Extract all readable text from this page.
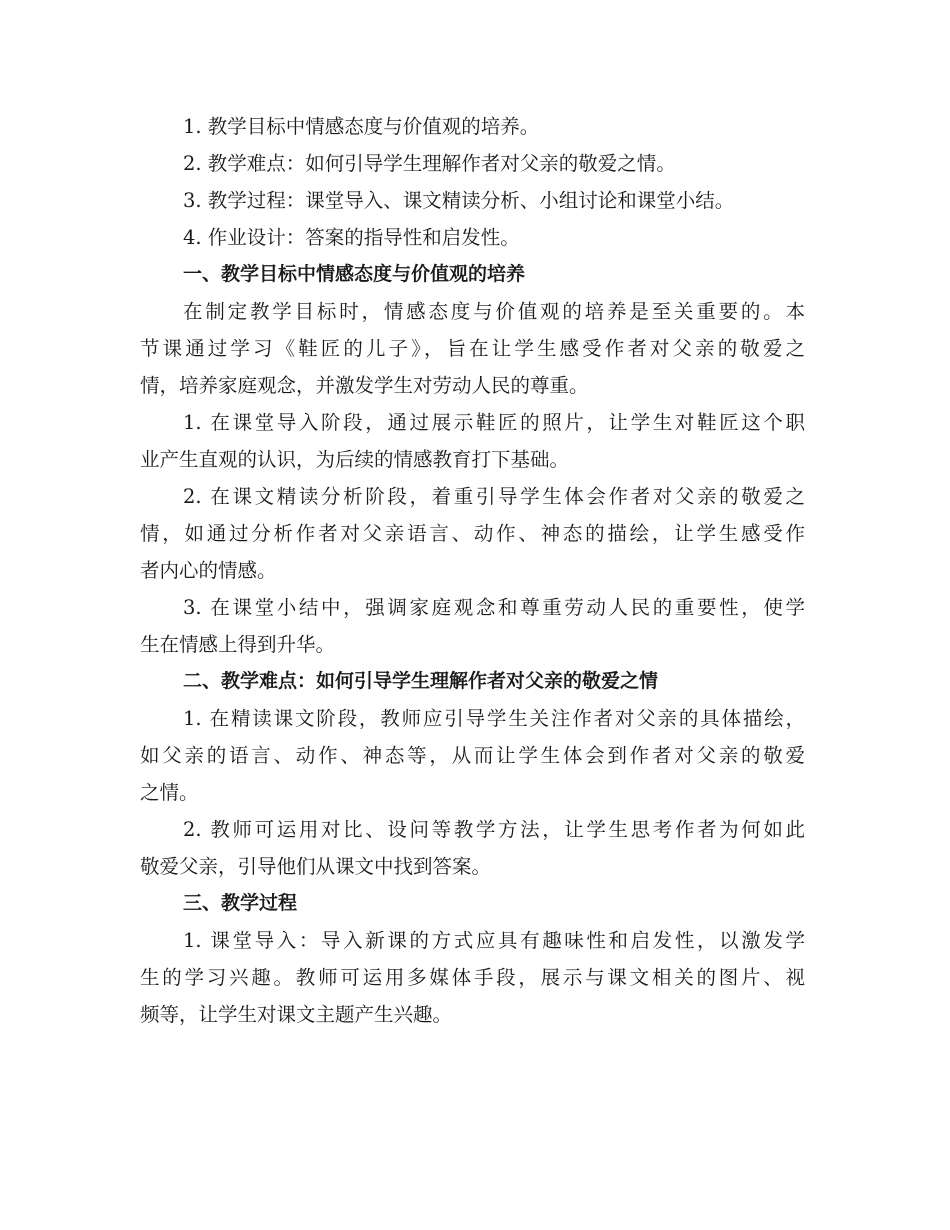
1. 教学目标中情感态度与价值观的培养。

2. 教学难点：如何引导学生理解作者对父亲的敬爱之情。

3. 教学过程：课堂导入、课文精读分析、小组讨论和课堂小结。

4. 作业设计：答案的指导性和启发性。

一、教学目标中情感态度与价值观的培养

在制定教学目标时，情感态度与价值观的培养是至关重要的。本

节课通过学习《鞋匠的儿子》，旨在让学生感受作者对父亲的敬爱之

情，培养家庭观念，并激发学生对劳动人民的尊重。

1. 在课堂导入阶段，通过展示鞋匠的照片，让学生对鞋匠这个职

业产生直观的认识，为后续的情感教育打下基础。

2. 在课文精读分析阶段，着重引导学生体会作者对父亲的敬爱之

情，如通过分析作者对父亲语言、动作、神态的描绘，让学生感受作

者内心的情感。

3. 在课堂小结中，强调家庭观念和尊重劳动人民的重要性，使学

生在情感上得到升华。

二、教学难点：如何引导学生理解作者对父亲的敬爱之情

1. 在精读课文阶段，教师应引导学生关注作者对父亲的具体描绘，

如父亲的语言、动作、神态等，从而让学生体会到作者对父亲的敬爱

之情。

2. 教师可运用对比、设问等教学方法，让学生思考作者为何如此

敬爱父亲，引导他们从课文中找到答案。

三、教学过程

1. 课堂导入：导入新课的方式应具有趣味性和启发性，以激发学

生的学习兴趣。教师可运用多媒体手段，展示与课文相关的图片、视

频等，让学生对课文主题产生兴趣。
